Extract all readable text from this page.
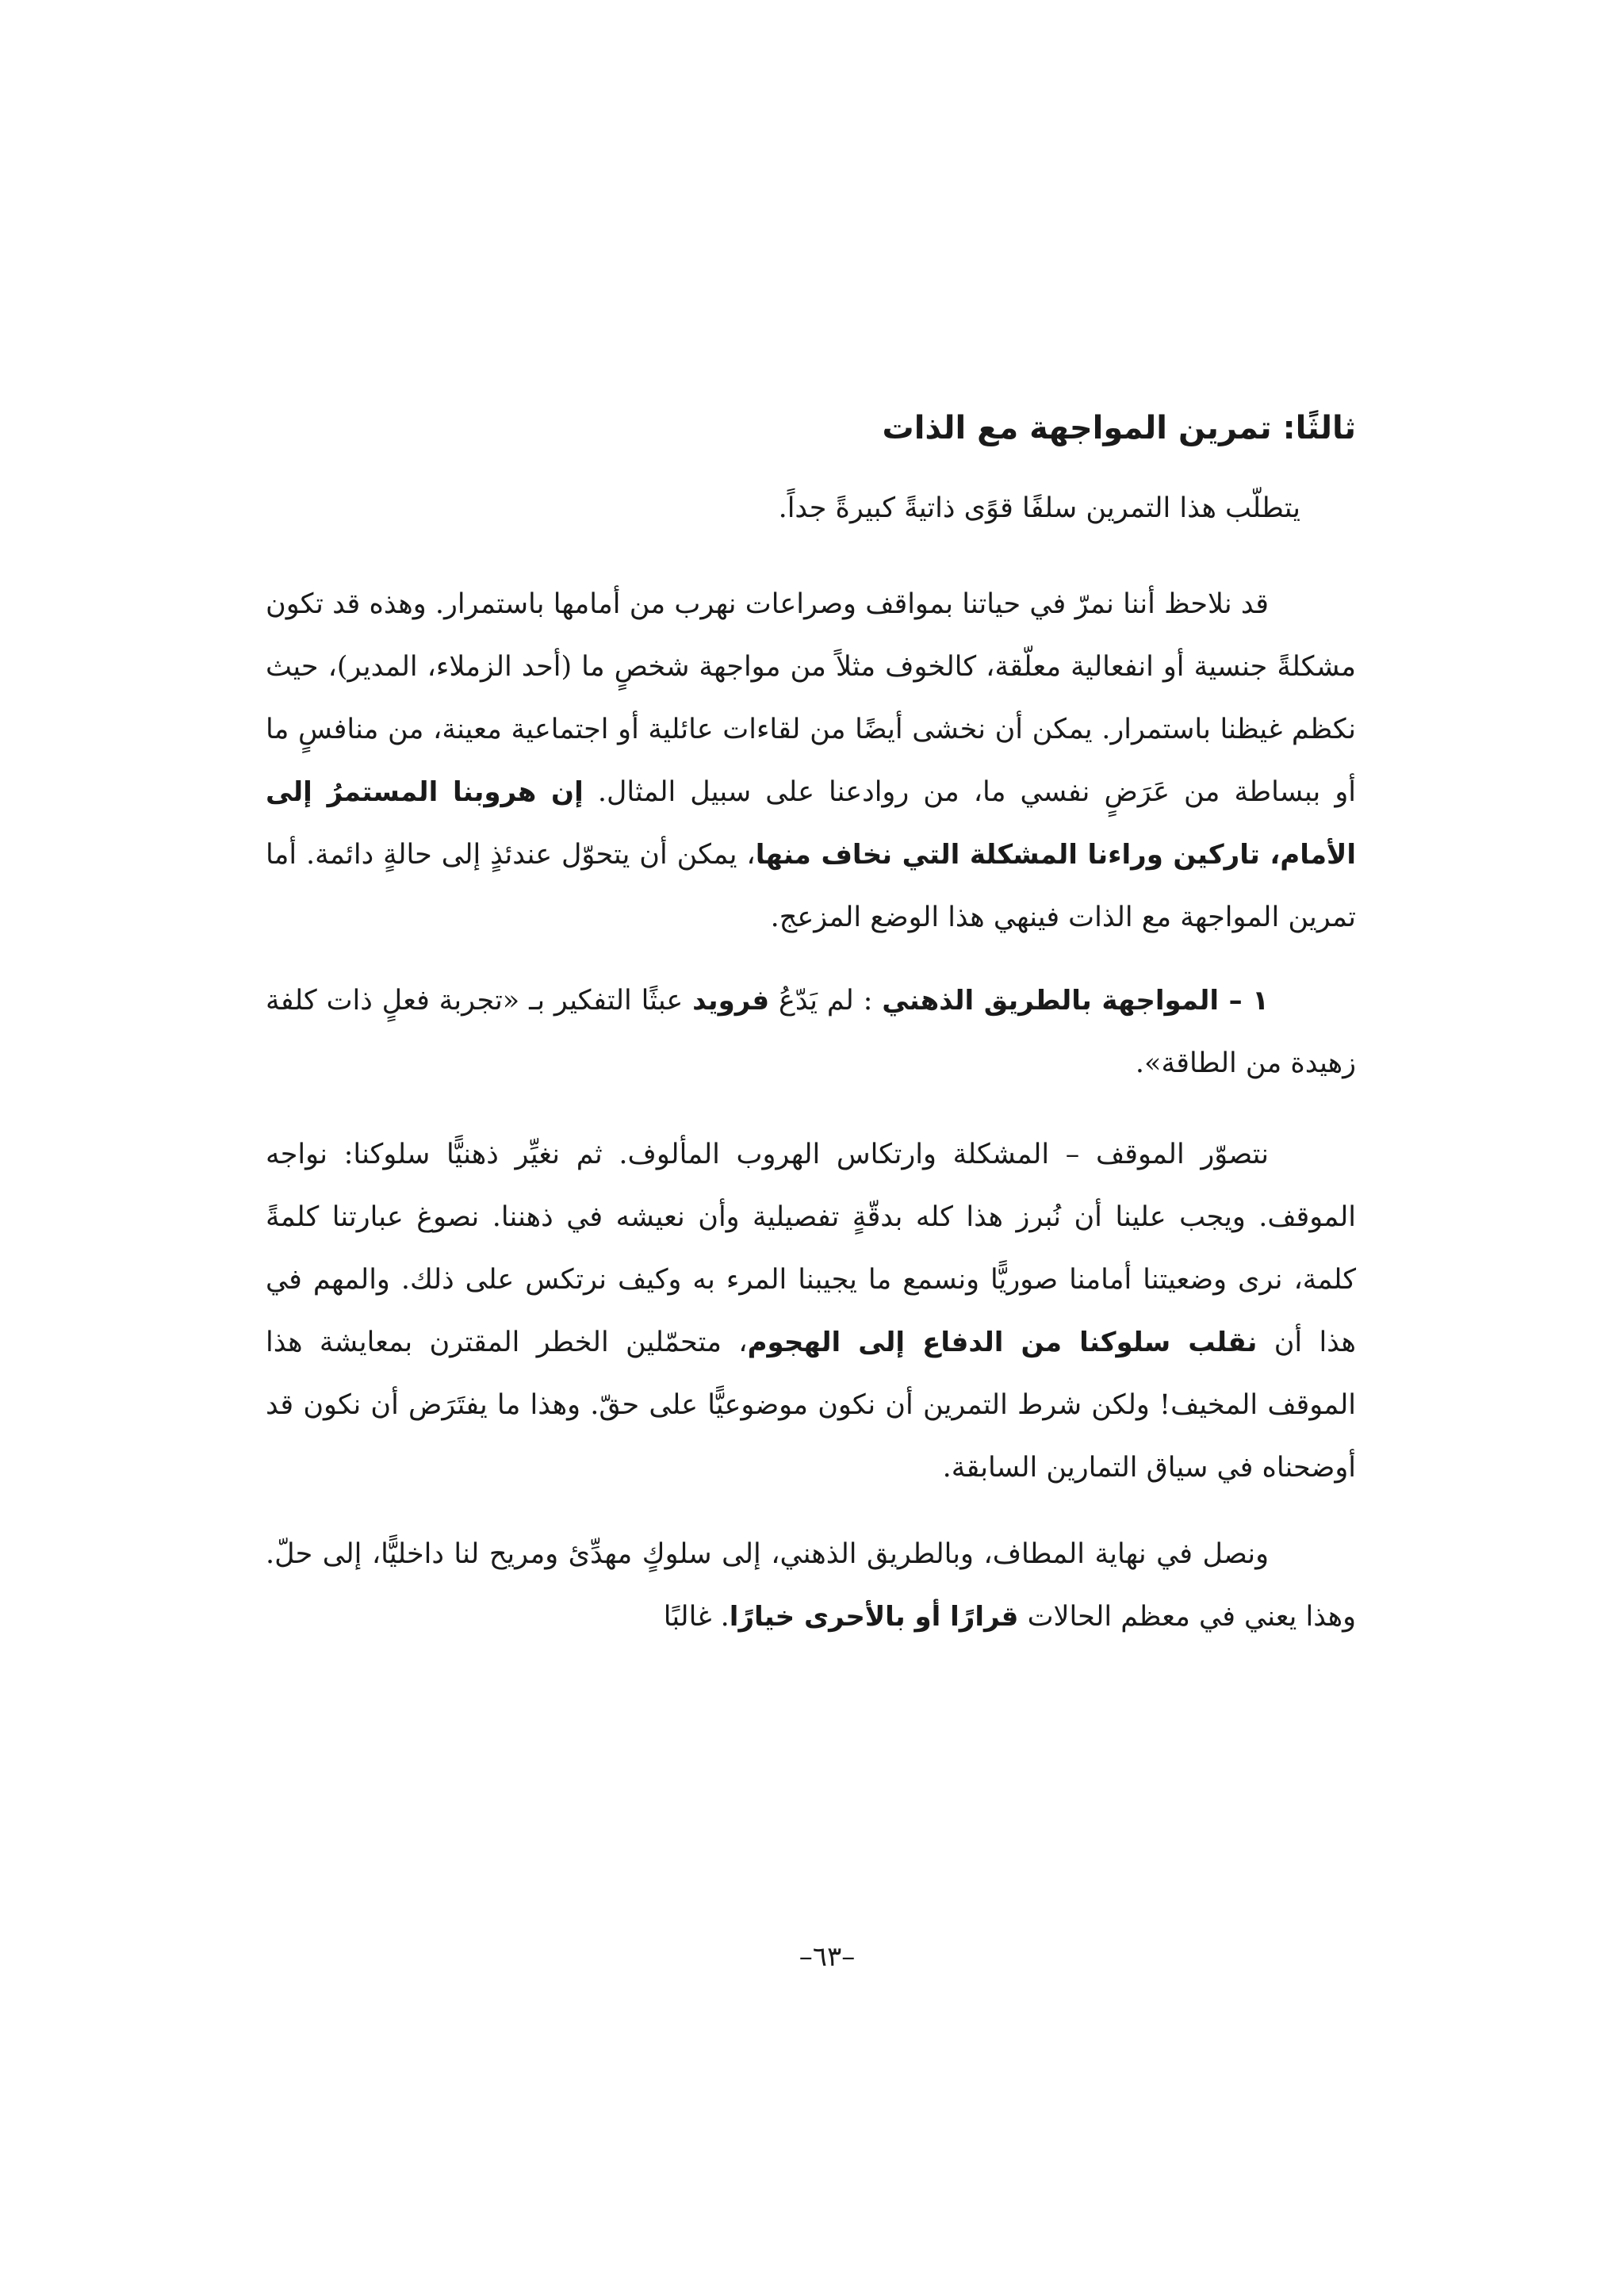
ثالثًا: تمرين المواجهة مع الذات

يتطلّب هذا التمرين سلفًا قوًى ذاتيةً كبيرةً جداً.

قد نلاحظ أننا نمرّ في حياتنا بمواقف وصراعات نهرب من أمامها باستمرار. وهذه قد تكون مشكلةً جنسية أو انفعالية معلّقة، كالخوف مثلاً من مواجهة شخصٍ ما (أحد الزملاء، المدير)، حيث نكظم غيظنا باستمرار. يمكن أن نخشى أيضًا من لقاءات عائلية أو اجتماعية معينة، من منافسٍ ما أو ببساطة من عَرَضٍ نفسي ما، من روادعنا على سبيل المثال. إن هروبنا المستمرُ إلى الأمام، تاركين وراءنا المشكلة التي نخاف منها، يمكن أن يتحوّل عندئذٍ إلى حالةٍ دائمة. أما تمرين المواجهة مع الذات فينهي هذا الوضع المزعج.

١ – المواجهة بالطريق الذهني : لم يَدّعُ فرويد عبثًا التفكير بـ «تجربة فعلٍ ذات كلفة زهيدة من الطاقة».

نتصوّر الموقف – المشكلة وارتكاس الهروب المألوف. ثم نغيِّر ذهنيًّا سلوكنا: نواجه الموقف. ويجب علينا أن نُبرز هذا كله بدقّةٍ تفصيلية وأن نعيشه في ذهننا. نصوغ عبارتنا كلمةً كلمة، نرى وضعيتنا أمامنا صوريًّا ونسمع ما يجيبنا المرء به وكيف نرتكس على ذلك. والمهم في هذا أن نقلب سلوكنا من الدفاع إلى الهجوم، متحمّلين الخطر المقترن بمعايشة هذا الموقف المخيف! ولكن شرط التمرين أن نكون موضوعيًّا على حقّ. وهذا ما يفتَرَض أن نكون قد أوضحناه في سياق التمارين السابقة.

ونصل في نهاية المطاف، وبالطريق الذهني، إلى سلوكٍ مهدِّئ ومريح لنا داخليًّا، إلى حلّ. وهذا يعني في معظم الحالات قرارًا أو بالأحرى خيارًا. غالبًا

–٦٣–
